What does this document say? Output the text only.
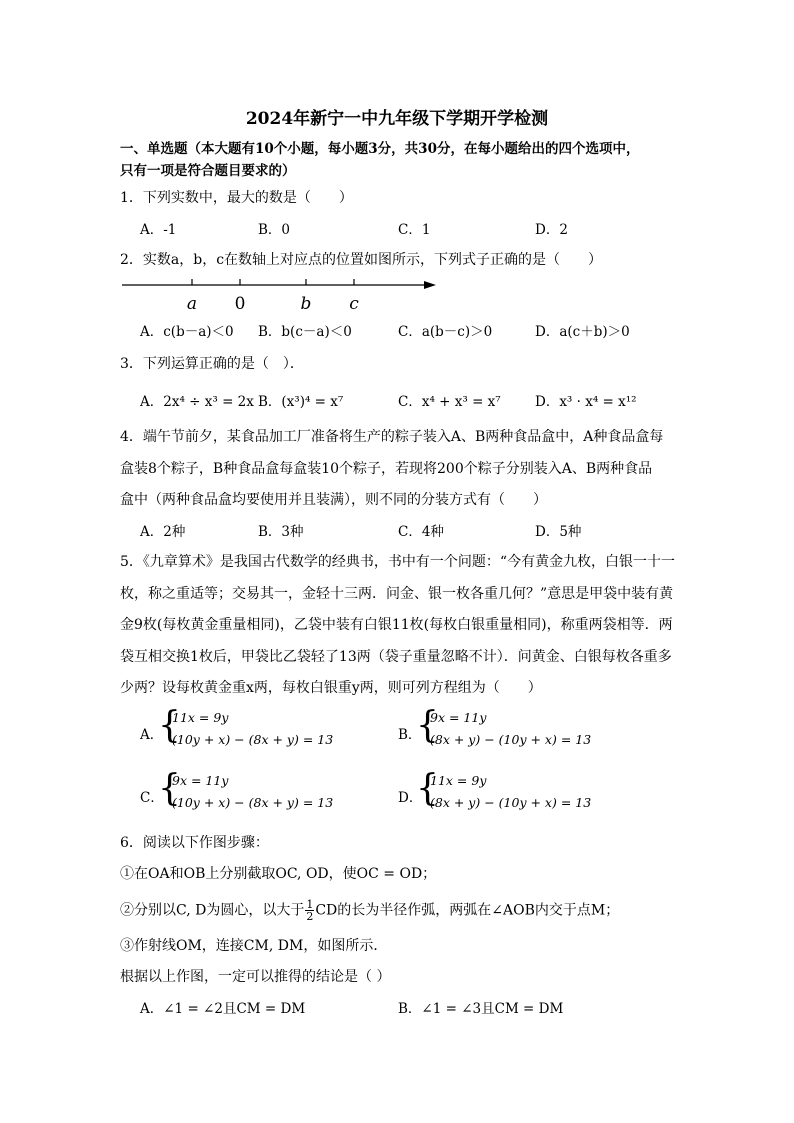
2024年新宁一中九年级下学期开学检测
一、单选题（本大题有10个小题，每小题3分，共30分，在每小题给出的四个选项中，
只有一项是符合题目要求的）
1．下列实数中，最大的数是（　　）
A．-1	B．0	C．1	D．2
2．实数a，b，c在数轴上对应点的位置如图所示，下列式子正确的是（　　）
a 0	b c
A．c(b－a)＜0 B．b(c－a)＜0	C．a(b－c)＞0	D．a(c＋b)＞0
3．下列运算正确的是（　）．
A．2x⁴ ÷ x³ = 2x B．(x³)⁴ = x⁷	C．x⁴ + x³ = x⁷	D．x³ · x⁴ = x¹²
4．端午节前夕，某食品加工厂准备将生产的粽子装入A、B两种食品盒中，A种食品盒每
盒装8个粽子，B种食品盒每盒装10个粽子，若现将200个粽子分别装入A、B两种食品
盒中（两种食品盒均要使用并且装满），则不同的分装方式有（　　）
A．2种	B．3种	C．4种	D．5种
5．《九章算术》是我国古代数学的经典书，书中有一个问题：“今有黄金九枚，白银一十一
枚，称之重适等；交易其一，金轻十三两．问金、银一枚各重几何？”意思是甲袋中装有黄
金9枚(每枚黄金重量相同)，乙袋中装有白银11枚(每枚白银重量相同)，称重两袋相等．两
袋互相交换1枚后，甲袋比乙袋轻了13两（袋子重量忽略不计）．问黄金、白银每枚各重多
少两？设每枚黄金重x两，每枚白银重y两，则可列方程组为（　　）
A．
{
11x = 9y
(10y + x) − (8x + y) = 13	B．
{
9x = 11y
(8x + y) − (10y + x) = 13
C．
{
9x = 11y
(10y + x) − (8x + y) = 13	D．
{
11x = 9y
(8x + y) − (10y + x) = 13
6．阅读以下作图步骤：
①在OA和OB上分别截取OC, OD，使OC = OD；
②分别以C, D为圆心，以大于 $\frac{1}{2}$ CD的长为半径作弧，两弧在∠AOB内交于点M；
③作射线OM，连接CM, DM，如图所示．
根据以上作图，一定可以推得的结论是（ ）
A．∠1 = ∠2且CM = DM	B．∠1 = ∠3且CM = DM
